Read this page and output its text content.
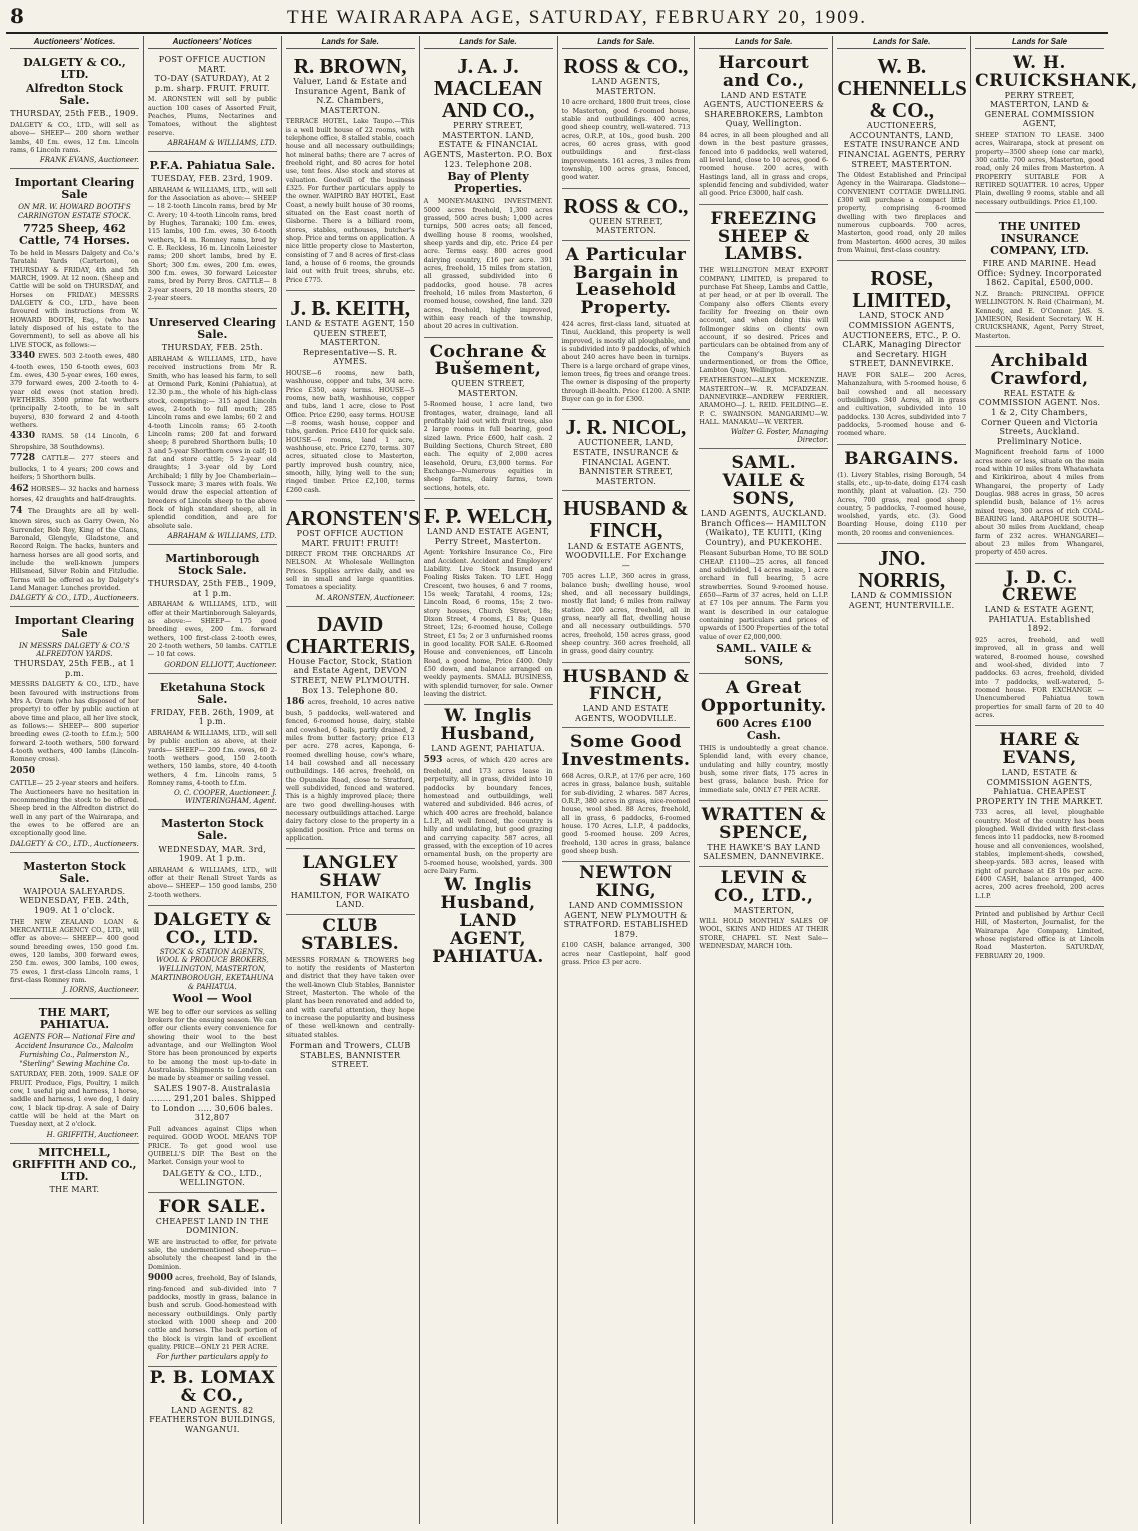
8	THE WAIRARAPA AGE, SATURDAY, FEBRUARY 20, 1909.
Auctioneers' Notices.
DALGETY & CO., LTD.
Alfredton Stock Sale.
THURSDAY, 25th FEB., 1909.
DALGETY & CO., LTD., will sell as above— SHEEP— 200 shorn wether lambs, 40 f.m. ewes, 12 f.m. Lincoln rams, 6 Lincoln rams.
FRANK EVANS, Auctioneer.
Important Clearing Sale
ON MR. W. HOWARD BOOTH'S CARRINGTON ESTATE STOCK.
7725 Sheep, 462 Cattle, 74 Horses.
To be held in Messrs Dalgety and Co.'s Taratahi Yards (Carterton), on THURSDAY & FRIDAY, 4th and 5th MARCH, 1909. At 12 noon. (Sheep and Cattle will be sold on THURSDAY, and Horses on FRIDAY.) MESSRS DALGETY & CO., LTD., have been favoured with instructions from W. HOWARD BOOTH, Esq., (who has lately disposed of his estate to the Government), to sell as above all his LIVE STOCK, as follows:—
3340 EWES. 503 2-tooth ewes, 480 4-tooth ewes, 150 6-tooth ewes, 603 f.m. ewes, 430 5-year ewes, 160 ewes, 379 forward ewes, 200 2-tooth to 4-year old ewes (not station bred). WETHERS. 3500 prime fat wethers (principally 2-tooth, to be in salt buyers), 830 forward 2 and 4-tooth wethers.
4330 RAMS. 58 (14 Lincoln, 6 Shropshire, 38 Southdowns).
7728 CATTLE— 277 steers and bullocks, 1 to 4 years; 200 cows and heifers; 5 Shorthorn bulls.
462 HORSES— 32 hacks and harness horses, 42 draughts and half-draughts.
74 The Draughts are all by well-known sires, such as Garry Owen, No Surrender, Bob Roy, King of the Clans, Baronald, Glengyle, Gladstone, and Record Reign. The hacks, hunters and harness horses are all good sorts, and include the well-known jumpers Hillsmead, Silver Robin and Fitzludie. Terms will be offered as by Dalgety's Land Manager. Lunches provided.
DALGETY & CO., LTD., Auctioneers.
Important Clearing Sale
IN MESSRS DALGETY & CO.'S ALFREDTON YARDS.
THURSDAY, 25th FEB., at 1 p.m.
MESSRS DALGETY & CO., LTD., have been favoured with instructions from Mrs A. Oram (who has disposed of her property) to offer by public auction at above time and place, all her live stock, as follows:— SHEEP— 800 superior breeding ewes (2-tooth to f.f.m.); 500 forward 2-tooth wethers, 500 forward 4-tooth wethers, 400 lambs (Lincoln-Romney cross).
2050
CATTLE— 25 2-year steers and heifers. The Auctioneers have no hesitation in recommending the stock to be offered. Sheep bred in the Alfredton district do well in any part of the Wairarapa, and the ewes to be offered are an exceptionally good line.
DALGETY & CO., LTD., Auctioneers.
Masterton Stock Sale.
WAIPOUA SALEYARDS.
WEDNESDAY, FEB. 24th, 1909. At 1 o'clock.
THE NEW ZEALAND LOAN & MERCANTILE AGENCY CO., LTD., will offer as above:— SHEEP— 400 good sound breeding ewes, 150 good f.m. ewes, 120 lambs, 300 forward ewes, 250 f.m. ewes, 300 lambs, 100 ewes, 75 ewes, 1 first-class Lincoln rams, 1 first-class Romney ram.
J. IORNS, Auctioneer.
THE MART, PAHIATUA.
AGENTS FOR— National Fire and Accident Insurance Co., Malcolm Furnishing Co., Palmerston N., "Sterling" Sewing Machine Co.
SATURDAY, FEB. 20th, 1909. SALE OF FRUIT. Produce, Figs, Poultry, 1 milch cow, 1 useful pig and harness, 1 horse, saddle and harness, 1 ewe dog, 1 dairy cow, 1 black tip-dray. A sale of Dairy cattle will be held at the Mart on Tuesday next, at 2 o'clock.
H. GRIFFITH, Auctioneer.
MITCHELL, GRIFFITH AND CO., LTD.
THE MART.
Auctioneers' Notices
POST OFFICE AUCTION MART.
TO-DAY (SATURDAY), At 2 p.m. sharp. FRUIT. FRUIT.
M. ARONSTEN will sell by public auction 100 cases of Assorted Fruit, Peaches, Plums, Nectarines and Tomatoes, without the slightest reserve.
ABRAHAM & WILLIAMS, LTD.
P.F.A. Pahiatua Sale.
TUESDAY, FEB. 23rd, 1909.
ABRAHAM & WILLIAMS, LTD., will sell for the Association as above:— SHEEP— 18 2-tooth Lincoln rams, bred by Mr C. Avery; 10 4-tooth Lincoln rams, bred by Hughes, Taranaki; 100 f.m. ewes, 115 lambs, 100 f.m. ewes, 30 6-tooth wethers, 14 m. Romney rams, bred by C. E. Reckless, 16 m. Lincoln Leicester rams; 200 short lambs, bred by E. Short; 300 f.m. ewes, 200 f.m. ewes, 300 f.m. ewes, 30 forward Leicester rams, bred by Perry Bros. CATTLE— 8 2-year steers, 20 18 months steers, 20 2-year steers.
Unreserved Clearing Sale.
THURSDAY, FEB. 25th.
ABRAHAM & WILLIAMS, LTD., have received instructions from Mr R. Smith, who has leased his farm, to sell at Ormond Park, Konini (Pahiatua), at 12.30 p.m., the whole of his high-class stock, comprising:— 315 aged Lincoln ewes, 2-tooth to full mouth; 285 Lincoln rams and ewe lambs; 60 2 and 4-tooth Lincoln rams; 65 2-tooth Lincoln rams; 200 fat and forward sheep; 8 purebred Shorthorn bulls; 10 3 and 5-year Shorthorn cows in calf; 10 fat and store cattle; 5 2-year old draughts; 1 3-year old by Lord Archibald; 1 filly by Joe Chamberlain—Tussock mare; 3 mares with foals. We would draw the especial attention of breeders of Lincoln sheep to the above flock of high standard sheep, all in splendid condition, and are for absolute sale.
ABRAHAM & WILLIAMS, LTD.
Martinborough Stock Sale.
THURSDAY, 25th FEB., 1909, at 1 p.m.
ABRAHAM & WILLIAMS, LTD., will offer at their Martinborough Saleyards, as above:— SHEEP— 175 good breeding ewes, 200 f.m. forward wethers, 100 first-class 2-tooth ewes, 20 2-tooth wethers, 50 lambs. CATTLE— 10 fat cows.
GORDON ELLIOTT, Auctioneer.
Eketahuna Stock Sale.
FRIDAY, FEB. 26th, 1909, at 1 p.m.
ABRAHAM & WILLIAMS, LTD., will sell by public auction as above, at their yards— SHEEP— 200 f.m. ewes, 60 2-tooth wethers good, 150 2-tooth wethers, 150 lambs, store, 40 4-tooth wethers, 4 f.m. Lincoln rams, 5 Romney rams, 4-tooth to f.f.m.
O. C. COOPER, Auctioneer. J. WINTERINGHAM, Agent.
Masterton Stock Sale.
WEDNESDAY, MAR. 3rd, 1909. At 1 p.m.
ABRAHAM & WILLIAMS, LTD., will offer at their Renall Street Yards as above— SHEEP— 150 good lambs, 250 2-tooth wethers.
DALGETY & CO., LTD.
STOCK & STATION AGENTS, WOOL & PRODUCE BROKERS, WELLINGTON, MASTERTON, MARTINBOROUGH, EKETAHUNA & PAHIATUA.
Wool — Wool
WE beg to offer our services as selling brokers for the ensuing season. We can offer our clients every convenience for showing their wool to the best advantage, and our Wellington Wool Store has been pronounced by experts to be among the most up-to-date in Australasia. Shipments to London can be made by steamer or sailing vessel.
SALES 1907-8. Australasia ........ 291,201 bales. Shipped to London ..... 30,606 bales. 312,807
Full advances against Clips when required. GOOD WOOL MEANS TOP PRICE. To get good wool use QUIBELL'S DIP. The Best on the Market. Consign your wool to
DALGETY & CO., LTD., WELLINGTON.
FOR SALE.
CHEAPEST LAND IN THE DOMINION.
WE are instructed to offer, for private sale, the undermentioned sheep-run—absolutely the cheapest land in the Dominion.
9000 acres, freehold, Bay of Islands, ring-fenced and sub-divided into 7 paddocks, mostly in grass, balance in bush and scrub. Good-homestead with necessary outbuildings. Only partly stocked with 1000 sheep and 200 cattle and horses. The back portion of the block is virgin land of excellent quality. PRICE—ONLY 21 PER ACRE.
For further particulars apply to
P. B. LOMAX & CO.,
LAND AGENTS. 82 FEATHERSTON BUILDINGS, WANGANUI.
Lands for Sale.
R. BROWN,
Valuer, Land & Estate and Insurance Agent, Bank of N.Z. Chambers, MASTERTON.
TERRACE HOTEL, Lake Taupo.—This is a well built house of 22 rooms, with telephone office, 8 stalled stable, coach house and all necessary outbuildings; hot mineral baths; there are 7 acres of freehold right, and 80 acres for hotel use, tent fees. Also stock and stores at valuation. Goodwill of the business £325. For further particulars apply to the owner. WAIPIRO BAY HOTEL, East Coast, a newly built house of 30 rooms, situated on the East coast north of Gisborne. There is a billiard room, stores, stables, outhouses, butcher's shop. Price and terms on application. A nice little property close to Masterton, consisting of 7 and 8 acres of first-class land, a house of 6 rooms, the grounds laid out with fruit trees, shrubs, etc. Price £775.
J. B. KEITH,
LAND & ESTATE AGENT, 150 QUEEN STREET, MASTERTON. Representative—S. R. AYMES.
HOUSE—6 rooms, new bath, washhouse, copper and tubs, 3/4 acre. Price £350, easy terms. HOUSE—5 rooms, new bath, washhouse, copper and tubs, land 1 acre, close to Post Office. Price £290, easy terms. HOUSE—8 rooms, wash house, copper and tubs, garden. Price £410 for quick sale. HOUSE—6 rooms, land 1 acre, washhouse, etc. Price £270, terms. 307 acres, situated close to Masterton, partly improved bush country, nice, smooth, hilly, lying well to the sun; ringed timber. Price £2,100, terms £260 cash.
ARONSTEN'S
POST OFFICE AUCTION MART. FRUIT! FRUIT!
DIRECT FROM THE ORCHARDS AT NELSON. At Wholesale Wellington Prices. Supplies arrive daily, and we sell in small and large quantities. Tomatoes a speciality.
M. ARONSTEN, Auctioneer.
DAVID CHARTERIS,
House Factor, Stock, Station and Estate Agent, DEVON STREET, NEW PLYMOUTH. Box 13. Telephone 80.
186 acres, freehold, 10 acres native bush, 5 paddocks, well-watered and fenced, 6-roomed house, dairy, stable and cowshed, 6 bails, partly drained, 2 miles from butter factory; price £13 per acre. 278 acres, Kaponga, 6-roomed dwelling house, cow's whare, 14 bail cowshed and all necessary outbuildings. 146 acres, freehold, on the Opunake Road, close to Stratford, well subdivided, fenced and watered. This is a highly improved place; there are two good dwelling-houses with necessary outbuildings attached. Large dairy factory close to the property in a splendid position. Price and terms on application.
LANGLEY SHAW
HAMILTON, FOR WAIKATO LAND.
CLUB STABLES.
MESSRS FORMAN & TROWERS beg to notify the residents of Masterton and district that they have taken over the well-known Club Stables, Bannister Street, Masterton. The whole of the plant has been renovated and added to, and with careful attention, they hope to increase the popularity and business of these well-known and centrally-situated stables.
Forman and Trowers, CLUB STABLES, BANNISTER STREET.
Lands for Sale.
J. A. J. MACLEAN AND CO.,
PERRY STREET, MASTERTON. LAND, ESTATE & FINANCIAL AGENTS, Masterton. P.O. Box 123. Telephone 208.
Bay of Plenty Properties.
A MONEY-MAKING INVESTMENT. 5000 acres freehold, 1,300 acres grassed, 500 acres bush; 1,000 acres turnips, 500 acres oats; all fenced, dwelling house 8 rooms, woolshed, sheep yards and dip, etc. Price £4 per acre. Terms easy. 800 acres good dairying country, £16 per acre. 391 acres, freehold, 15 miles from station, all grassed, subdivided into 6 paddocks, good house. 78 acres freehold, 16 miles from Masterton, 6 roomed house, cowshed, fine land. 320 acres, freehold, highly improved, within easy reach of the township, about 20 acres in cultivation.
Cochrane & Bušement,
QUEEN STREET, MASTERTON.
5-Roomed house, 1 acre land, two frontages, water, drainage, land all profitably laid out with fruit trees, also 2 large rooms in full bearing, good sized lawn. Price £600, half cash. 2 Building Sections, Church Street, £80 each. The equity of 2,000 acres leasehold, Oruru, £3,000 terms. For Exchange—Numerous equities in sheep farms, dairy farms, town sections, hotels, etc.
F. P. WELCH,
LAND AND ESTATE AGENT, Perry Street, Masterton.
Agent: Yorkshire Insurance Co., Fire and Accident. Accident and Employers' Liability. Live Stock Insured and Foaling Risks Taken. TO LET. Hogg Crescent, two houses, 6 and 7 rooms, 15s week; Taratahi, 4 rooms, 12s; Lincoln Road, 6 rooms, 15s; 2 two-story houses, Church Street, 18s; Dixon Street, 4 rooms, £1 8s; Queen Street, 12s; 6-roomed house, College Street, £1 5s; 2 or 3 unfurnished rooms in good locality. FOR SALE. 6-Roomed House and conveniences, off Lincoln Road, a good home, Price £400. Only £50 down, and balance arranged on weekly payments. SMALL BUSINESS, with splendid turnover, for sale. Owner leaving the district.
W. Inglis Husband,
LAND AGENT, PAHIATUA.
593 acres, of which 420 acres are freehold, and 173 acres lease in perpetuity, all in grass, divided into 10 paddocks by boundary fences, homestead and outbuildings, well watered and subdivided. 846 acres, of which 400 acres are freehold, balance L.I.P., all well fenced, the country is hilly and undulating, but good grazing and carrying capacity. 587 acres, all grassed, with the exception of 10 acres ornamental bush, on the property are 5-roomed house, woolshed, yards. 300 acre Dairy Farm.
W. Inglis Husband, LAND AGENT, PAHIATUA.
Lands for Sale.
ROSS & CO.,
LAND AGENTS, MASTERTON.
10 acre orchard, 1800 fruit trees, close to Masterton, good 6-roomed house, stable and outbuildings. 400 acres, good sheep country, well-watered. 713 acres, O.R.P., at 10s., good bush. 200 acres, 60 acres grass, with good outbuildings and first-class improvements. 161 acres, 3 miles from township, 100 acres grass, fenced, good water.
ROSS & CO.,
QUEEN STREET, MASTERTON.
A Particular Bargain in Leasehold Property.
424 acres, first-class land, situated at Tinui, Auckland, this property is well improved, is mostly all ploughable, and is subdivided into 9 paddocks, of which about 240 acres have been in turnips. There is a large orchard of grape vines, lemon trees, fig trees and orange trees. The owner is disposing of the property through ill-health. Price £1200. A SNIP. Buyer can go in for £300.
J. R. NICOL,
AUCTIONEER, LAND, ESTATE, INSURANCE & FINANCIAL AGENT. BANNISTER STREET, MASTERTON.
HUSBAND & FINCH,
LAND & ESTATE AGENTS, WOODVILLE. For Exchange—
705 acres L.I.P., 360 acres in grass, balance bush; dwelling house, wool shed, and all necessary buildings, mostly flat land; 6 miles from railway station. 200 acres, freehold, all in grass, nearly all flat, dwelling house and all necessary outbuildings. 570 acres, freehold, 150 acres grass, good sheep country. 360 acres freehold, all in grass, good dairy country.
HUSBAND & FINCH,
LAND AND ESTATE AGENTS, WOODVILLE.
Some Good Investments.
668 Acres, O.R.P., at 17/6 per acre, 160 acres in grass, balance bush, suitable for sub-dividing, 2 whares. 587 Acres, O.R.P., 380 acres in grass, nice-roomed house, wool shed. 88 Acres, freehold, all in grass, 6 paddocks, 6-roomed house. 170 Acres, L.I.P., 4 paddocks, good 5-roomed house. 209 Acres, freehold, 130 acres in grass, balance good sheep bush.
NEWTON KING,
LAND AND COMMISSION AGENT, NEW PLYMOUTH & STRATFORD. ESTABLISHED 1879.
£100 CASH, balance arranged, 300 acres near Castlepoint, half good grass. Price £3 per acre.
Lands for Sale.
Harcourt and Co.,
LAND AND ESTATE AGENTS, AUCTIONEERS & SHAREBROKERS, Lambton Quay, Wellington.
84 acres, in all been ploughed and all down in the best pasture grasses, fenced into 6 paddocks, well watered, all level land, close to 10 acres, good 6-roomed house. 200 acres, with Hastings land, all in grass and crops, splendid fencing and subdivided, water all good. Price £3000, half cash.
FREEZING SHEEP & LAMBS.
THE WELLINGTON MEAT EXPORT COMPANY, LIMITED, is prepared to purchase Fat Sheep, Lambs and Cattle, at per head, or at per lb overall. The Company also offers Clients every facility for freezing on their own account, and when doing this will follmonger skins on clients' own account, if so desired. Prices and particulars can be obtained from any of the Company's Buyers as undermentioned, or from the Office, Lambton Quay, Wellington.
FEATHERSTON—ALEX MCKENZIE. MASTERTON—W. R. MCFADZEAN. DANNEVIRKE—ANDREW FERRIER. ARAMOHO—J. L. REID. FEILDING—E. P. C. SWAINSON. MANGARIMU—W. HALL. MANAKAU—W. VERTER.
Walter G. Foster, Managing Director.
SAML. VAILE & SONS,
LAND AGENTS, AUCKLAND. Branch Offices— HAMILTON (Waikato), TE KUITI, (King Country), and PUKEKOHE.
Pleasant Suburban Home, TO BE SOLD CHEAP. £1100—25 acres, all fenced and subdivided, 14 acres maize, 1 acre orchard in full bearing, 5 acre strawberries. Sound 9-roomed house. £650—Farm of 37 acres, held on L.I.P. at £7 10s per annum. The Farm you want is described in our catalogue containing particulars and prices of upwards of 1500 Properties of the total value of over £2,000,000.
SAML. VAILE & SONS,
A Great Opportunity.
600 Acres £100 Cash.
THIS is undoubtedly a great chance. Splendid land, with every chance, undulating and hilly country, mostly bush, some river flats, 175 acres in best grass, balance bush. Price for immediate sale, ONLY £7 PER ACRE.
WRATTEN & SPENCE,
THE HAWKE'S BAY LAND SALESMEN, DANNEVIRKE.
LEVIN & CO., LTD.,
MASTERTON,
WILL HOLD MONTHLY SALES OF WOOL, SKINS AND HIDES AT THEIR STORE, CHAPEL ST. Next Sale— WEDNESDAY, MARCH 10th.
Lands for Sale.
W. B. CHENNELLS & CO.,
AUCTIONEERS, ACCOUNTANTS, LAND, ESTATE INSURANCE AND FINANCIAL AGENTS, PERRY STREET, MASTERTON.
The Oldest Established and Principal Agency in the Wairarapa. Gladstone— CONVENIENT COTTAGE DWELLING. £300 will purchase a compact little property, comprising 6-roomed dwelling with two fireplaces and numerous cupboards. 700 acres, Masterton, good road, only 20 miles from Masterton. 4600 acres, 30 miles from Wainui, first-class country.
ROSE, LIMITED,
LAND, STOCK AND COMMISSION AGENTS, AUCTIONEERS, ETC., P. O. CLARK, Managing Director and Secretary. HIGH STREET, DANNEVIRKE.
HAVE FOR SALE— 200 Acres, Mahanzahura, with 5-roomed house, 6 bail cowshed and all necessary outbuildings. 340 Acres, all in grass and cultivation, subdivided into 10 paddocks. 130 Acres, subdivided into 7 paddocks, 5-roomed house and 6-roomed whare.
BARGAINS.
(1). Livery Stables, rising Borough, 54 stalls, etc., up-to-date, doing £174 cash monthly, plant at valuation. (2). 750 Acres, 700 grass, real good sheep country, 5 paddocks, 7-roomed house, woolshed, yards, etc. (3). Good Boarding House, doing £110 per month, 20 rooms and conveniences.
JNO. NORRIS,
LAND & COMMISSION AGENT, HUNTERVILLE.
Lands for Sale
W. H. CRUICKSHANK,
PERRY STREET, MASTERTON, LAND & GENERAL COMMISSION AGENT,
SHEEP STATION TO LEASE. 3400 acres, Wairarapa, stock at present on property—3500 sheep (one car mark), 300 cattle. 700 acres, Masterton, good road, only 24 miles from Masterton. A PROPERTY SUITABLE FOR A RETIRED SQUATTER. 10 acres, Upper Plain, dwelling 9 rooms, stable and all necessary outbuildings. Price £1,100.
THE UNITED INSURANCE COMPANY, LTD.
FIRE AND MARINE. Head Office: Sydney. Incorporated 1862. Capital, £500,000.
N.Z. Branch: PRINCIPAL OFFICE WELLINGTON. N. Reid (Chairman), M. Kennedy, and E. O'Connor. JAS. S. JAMIESON, Resident Secretary. W. H. CRUICKSHANK, Agent, Perry Street, Masterton.
Archibald Crawford,
REAL ESTATE & COMMISSION AGENT. Nos. 1 & 2, City Chambers, Corner Queen and Victoria Streets, Auckland. Preliminary Notice.
Magnificent freehold farm of 1000 acres more or less, situate on the main road within 10 miles from Whatawhata and Kirikiriroa, about 4 miles from Whangarei, the property of Lady Douglas. 988 acres in grass, 50 acres splendid bush, balance of 1½ acres mixed trees, 300 acres of rich COAL-BEARING land. ARAPOHUE SOUTH—about 30 miles from Auckland, cheap farm of 232 acres. WHANGAREI—about 23 miles from Whangarei, property of 450 acres.
J. D. C. CREWE
LAND & ESTATE AGENT, PAHIATUA. Established 1892.
925 acres, freehold, and well improved, all in grass and well watered, 8-roomed house, cowshed and wool-shed, divided into 7 paddocks. 63 acres, freehold, divided into 7 paddocks, well-watered, 5-roomed house. FOR EXCHANGE — Unencumbered Pahiatua town properties for small farm of 20 to 40 acres.
HARE & EVANS,
LAND, ESTATE & COMMISSION AGENTS, Pahiatua. CHEAPEST PROPERTY IN THE MARKET.
733 acres, all level, ploughable country. Most of the country has been ploughed. Well divided with first-class fences into 11 paddocks, new 8-roomed house and all conveniences, woolshed, stables, implement-sheds, cowshed, sheep-yards. 583 acres, leased with right of purchase at £8 10s per acre. £400 CASH, balance arranged, 400 acres, 200 acres freehold, 200 acres L.I.P.
Printed and published by Arthur Cecil Hill, of Masterton, Journalist, for the Wairarapa Age Company, Limited, whose registered office is at Lincoln Road Masterton. SATURDAY, FEBRUARY 20, 1909.
